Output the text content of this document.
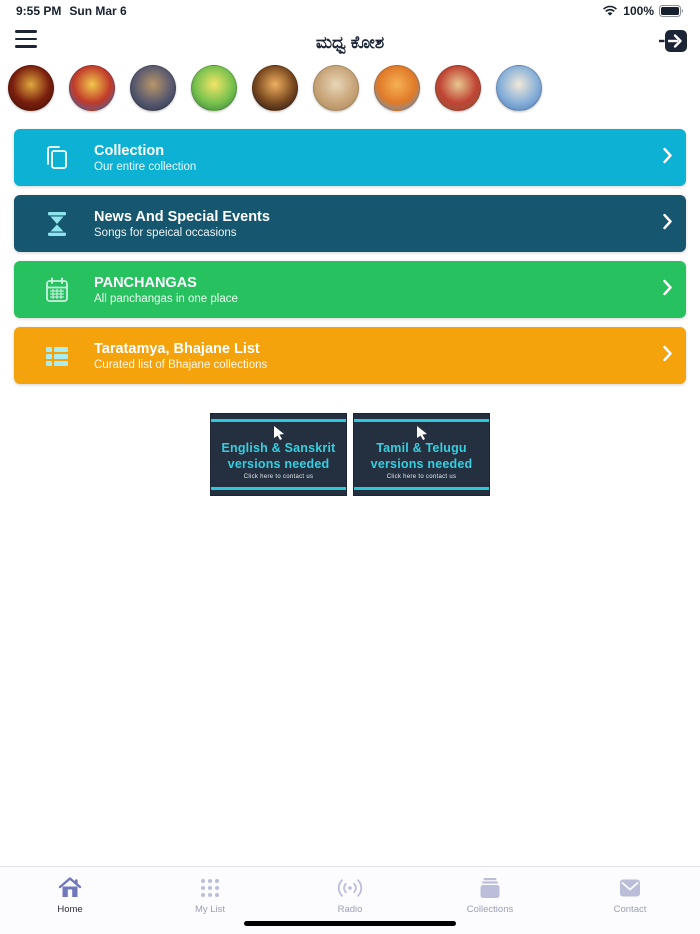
9:55 PM Sun Mar 6	100%
ಮಧ್ವ ಕೋಶ
Collection
Our entire collection
News And Special Events
Songs for speical occasions
PANCHANGAS
All panchangas in one place
Taratamya, Bhajane List
Curated list of Bhajane collections
English & Sanskrit versions needed
Click here to contact us
Tamil & Telugu versions needed
Click here to contact us
Home	My List	Radio	Collections	Contact
